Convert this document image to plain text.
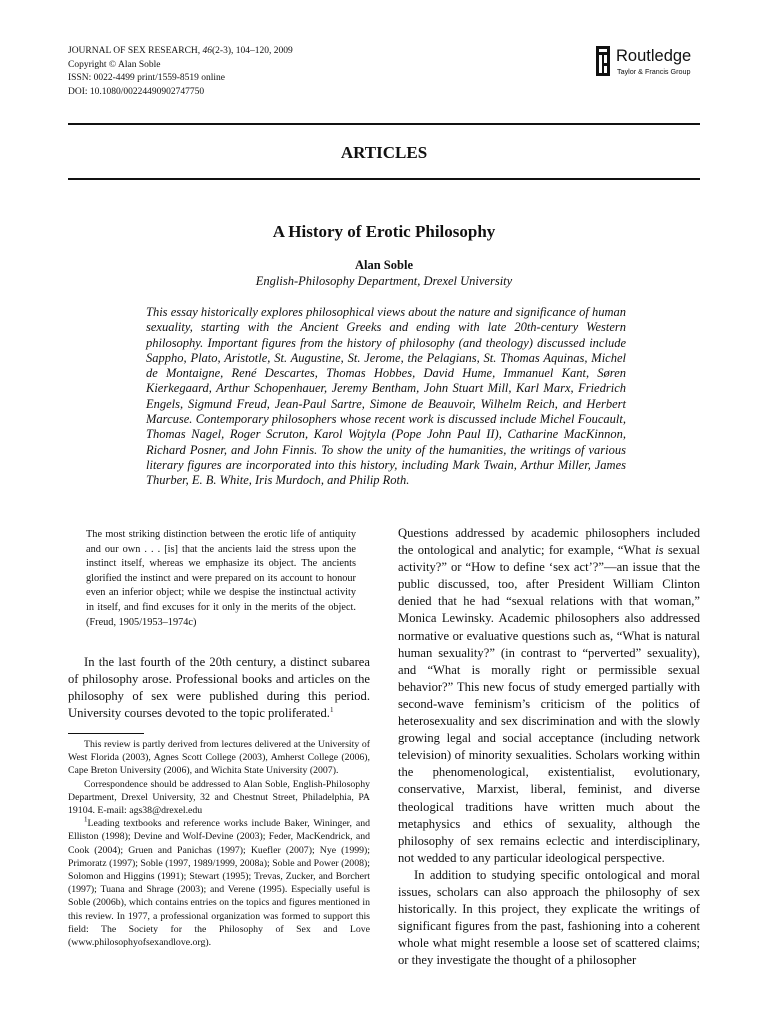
JOURNAL OF SEX RESEARCH, 46(2-3), 104–120, 2009
Copyright © Alan Soble
ISSN: 0022-4499 print/1559-8519 online
DOI: 10.1080/00224490902747750
Routledge
Taylor & Francis Group
ARTICLES
A History of Erotic Philosophy
Alan Soble
English-Philosophy Department, Drexel University
This essay historically explores philosophical views about the nature and significance of human sexuality, starting with the Ancient Greeks and ending with late 20th-century Western philosophy. Important figures from the history of philosophy (and theology) discussed include Sappho, Plato, Aristotle, St. Augustine, St. Jerome, the Pelagians, St. Thomas Aquinas, Michel de Montaigne, René Descartes, Thomas Hobbes, David Hume, Immanuel Kant, Søren Kierkegaard, Arthur Schopenhauer, Jeremy Bentham, John Stuart Mill, Karl Marx, Friedrich Engels, Sigmund Freud, Jean-Paul Sartre, Simone de Beauvoir, Wilhelm Reich, and Herbert Marcuse. Contemporary philosophers whose recent work is discussed include Michel Foucault, Thomas Nagel, Roger Scruton, Karol Wojtyla (Pope John Paul II), Catharine MacKinnon, Richard Posner, and John Finnis. To show the unity of the humanities, the writings of various literary figures are incorporated into this history, including Mark Twain, Arthur Miller, James Thurber, E. B. White, Iris Murdoch, and Philip Roth.
The most striking distinction between the erotic life of antiquity and our own . . . [is] that the ancients laid the stress upon the instinct itself, whereas we emphasize its object. The ancients glorified the instinct and were prepared on its account to honour even an inferior object; while we despise the instinctual activity in itself, and find excuses for it only in the merits of the object. (Freud, 1905/1953–1974c)
In the last fourth of the 20th century, a distinct subarea of philosophy arose. Professional books and articles on the philosophy of sex were published during this period. University courses devoted to the topic proliferated.$^1$

This review is partly derived from lectures delivered at the University of West Florida (2003), Agnes Scott College (2003), Amherst College (2006), Cape Breton University (2006), and Wichita State University (2007).

Correspondence should be addressed to Alan Soble, English-Philosophy Department, Drexel University, 32 and Chestnut Street, Philadelphia, PA 19104. E-mail: ags38@drexel.edu

$^1$Leading textbooks and reference works include Baker, Wininger, and Elliston (1998); Devine and Wolf-Devine (2003); Feder, MacKendrick, and Cook (2004); Gruen and Panichas (1997); Kuefler (2007); Nye (1999); Primoratz (1997); Soble (1997, 1989/1999, 2008a); Soble and Power (2008); Solomon and Higgins (1991); Stewart (1995); Trevas, Zucker, and Borchert (1997); Tuana and Shrage (2003); and Verene (1995). Especially useful is Soble (2006b), which contains entries on the topics and figures mentioned in this review. In 1977, a professional organization was formed to support this field: The Society for the Philosophy of Sex and Love (www.philosophyofsexandlove.org).

Questions addressed by academic philosophers included the ontological and analytic; for example, “What is sexual activity?” or “How to define ‘sex act’?”—an issue that the public discussed, too, after President William Clinton denied that he had “sexual relations with that woman,” Monica Lewinsky. Academic philosophers also addressed normative or evaluative questions such as, “What is natural human sexuality?” (in contrast to “perverted” sexuality), and “What is morally right or permissible sexual behavior?” This new focus of study emerged partially with second-wave feminism’s criticism of the politics of heterosexuality and sex discrimination and with the slowly growing legal and social acceptance (including network television) of minority sexualities. Scholars working within the phenomenological, existentialist, evolutionary, conservative, Marxist, liberal, feminist, and diverse theological traditions have written much about the metaphysics and ethics of sexuality, although the philosophy of sex remains eclectic and interdisciplinary, not wedded to any particular ideological perspective.

In addition to studying specific ontological and moral issues, scholars can also approach the philosophy of sex historically. In this project, they explicate the writings of significant figures from the past, fashioning into a coherent whole what might resemble a loose set of scattered claims; or they investigate the thought of a philosopher
